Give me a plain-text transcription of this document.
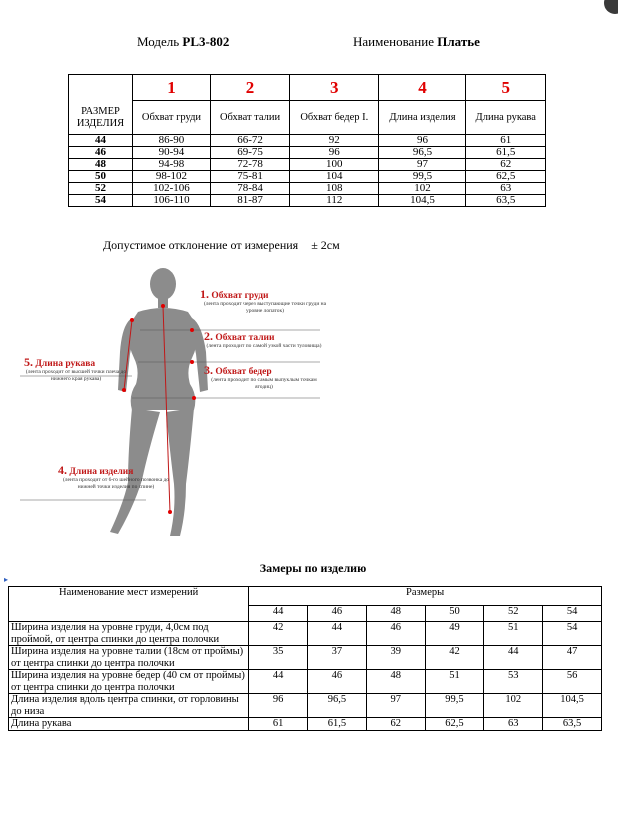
Модель PL3-802	Наименование Платье
РАЗМЕР ИЗДЕЛИЯ	1	2	3	4	5
	Обхват груди	Обхват талии	Обхват бедер I.	Длина изделия	Длина рукава
44	86-90	66-72	92	96	61
46	90-94	69-75	96	96,5	61,5
48	94-98	72-78	100	97	62
50	98-102	75-81	104	99,5	62,5
52	102-106	78-84	108	102	63
54	106-110	81-87	112	104,5	63,5
Допустимое отклонение от измерения ± 2см
1. Обхват груди
(лента проходит через выступающие точки груди на уровне лопаток)
2. Обхват талии
(лента проходит по самой узкой части туловища)
3. Обхват бедер
(лента проходит по самым выпуклым точкам ягодиц)
4. Длина изделия
(лента проходит от 6-го шейного позвонка до нижней точки изделия по спине)
5. Длина рукава
(лента проходит от высшей точки плеча до нижнего края рукава)
Замеры по изделию
▸
Наименование мест измерений	Размеры					
	44	46	48	50	52	54
Ширина изделия на уровне груди, 4,0см под проймой, от центра спинки до центра полочки	42	44	46	49	51	54
Ширина изделия на уровне талии (18см от проймы) от центра спинки до центра полочки	35	37	39	42	44	47
Ширина изделия на уровне бедер (40 см от проймы) от центра спинки до центра полочки	44	46	48	51	53	56
Длина изделия вдоль центра спинки, от горловины до низа	96	96,5	97	99,5	102	104,5
Длина рукава	61	61,5	62	62,5	63	63,5
